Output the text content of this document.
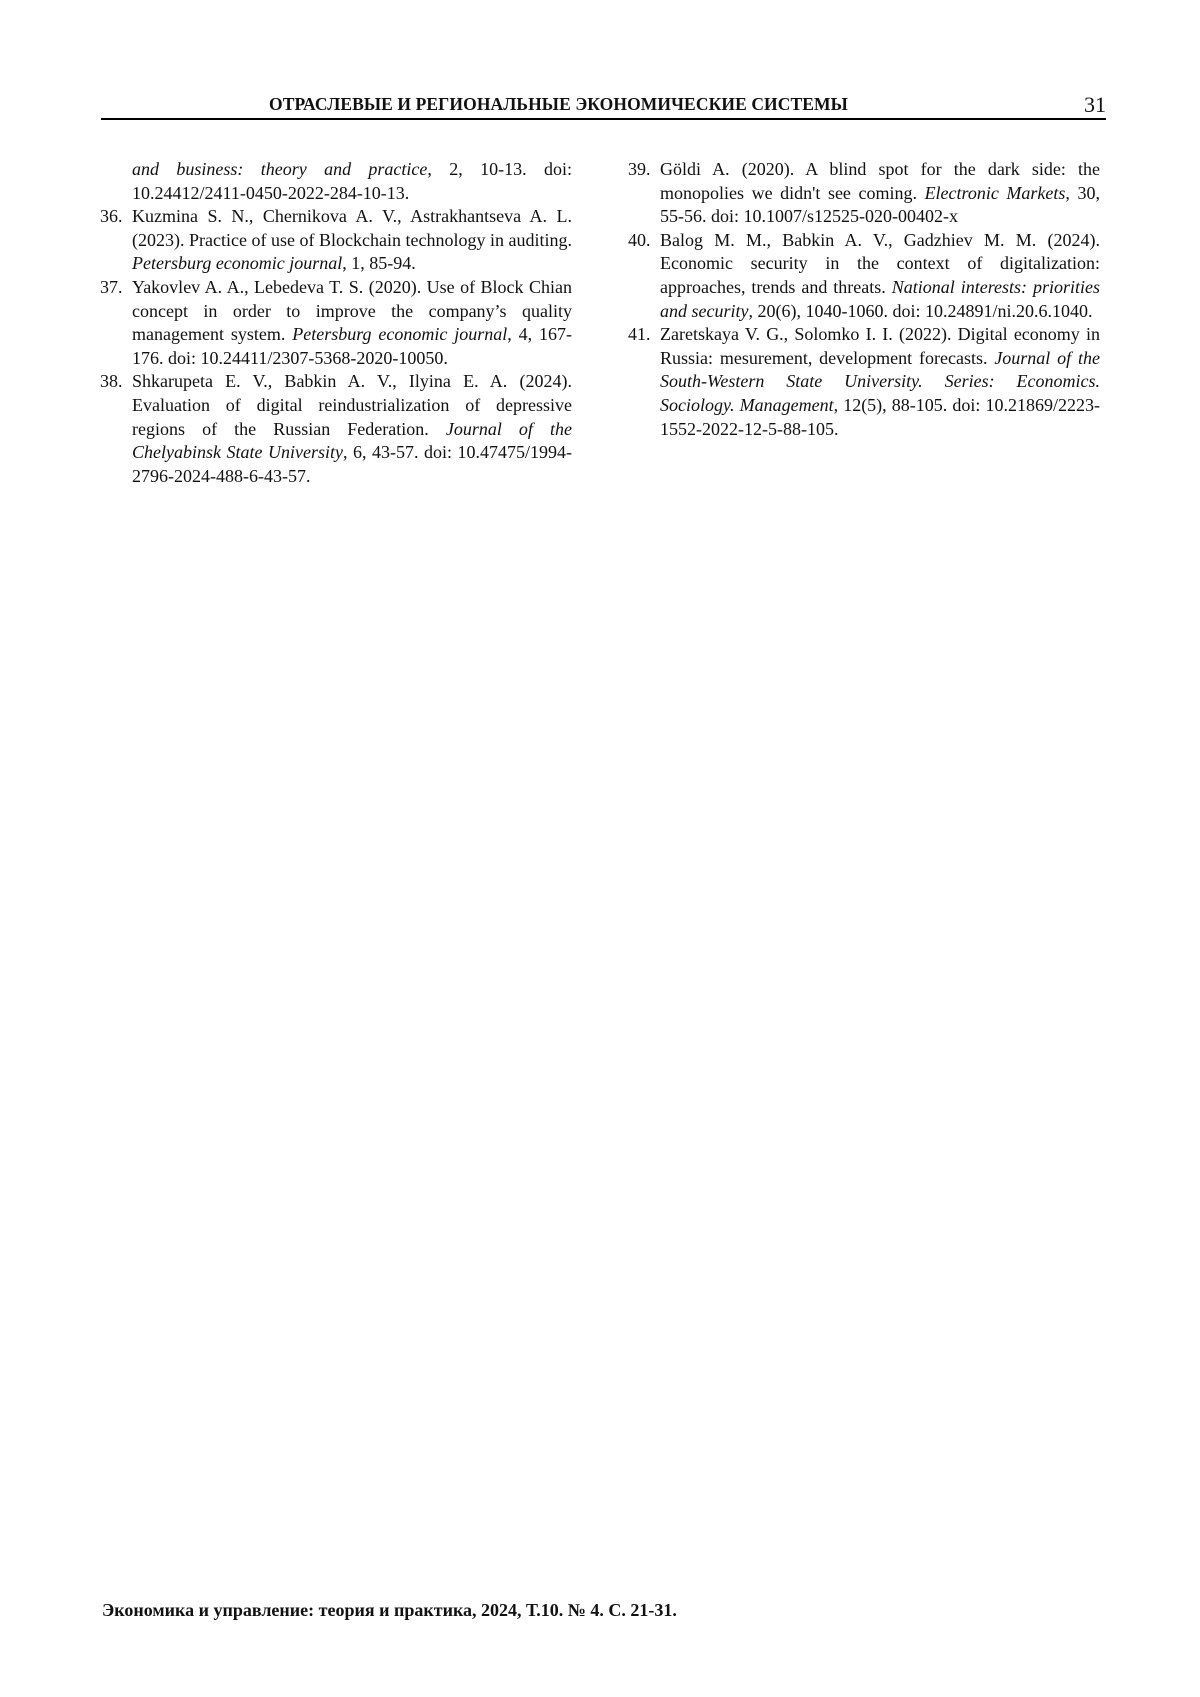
ОТРАСЛЕВЫЕ И РЕГИОНАЛЬНЫЕ ЭКОНОМИЧЕСКИЕ СИСТЕМЫ	31
and business: theory and practice, 2, 10-13. doi: 10.24412/2411-0450-2022-284-10-13.
36. Kuzmina S. N., Chernikova A. V., Astrakhantseva A. L. (2023). Practice of use of Blockchain technology in auditing. Petersburg economic journal, 1, 85-94.
37. Yakovlev A. A., Lebedeva T. S. (2020). Use of Block Chian concept in order to improve the company’s quality management system. Petersburg economic journal, 4, 167-176. doi: 10.24411/2307-5368-2020-10050.
38. Shkarupeta E. V., Babkin A. V., Ilyina E. A. (2024). Evaluation of digital reindustrialization of depressive regions of the Russian Federation. Journal of the Chelyabinsk State University, 6, 43-57. doi: 10.47475/1994-2796-2024-488-6-43-57.
39. Göldi A. (2020). A blind spot for the dark side: the monopolies we didn't see coming. Electronic Markets, 30, 55-56. doi: 10.1007/s12525-020-00402-x
40. Balog M. M., Babkin A. V., Gadzhiev M. M. (2024). Economic security in the context of digitalization: approaches, trends and threats. National interests: priorities and security, 20(6), 1040-1060. doi: 10.24891/ni.20.6.1040.
41. Zaretskaya V. G., Solomko I. I. (2022). Digital economy in Russia: mesurement, development forecasts. Journal of the South-Western State University. Series: Economics. Sociology. Management, 12(5), 88-105. doi: 10.21869/2223-1552-2022-12-5-88-105.
Экономика и управление: теория и практика, 2024, Т.10. № 4. С. 21-31.
